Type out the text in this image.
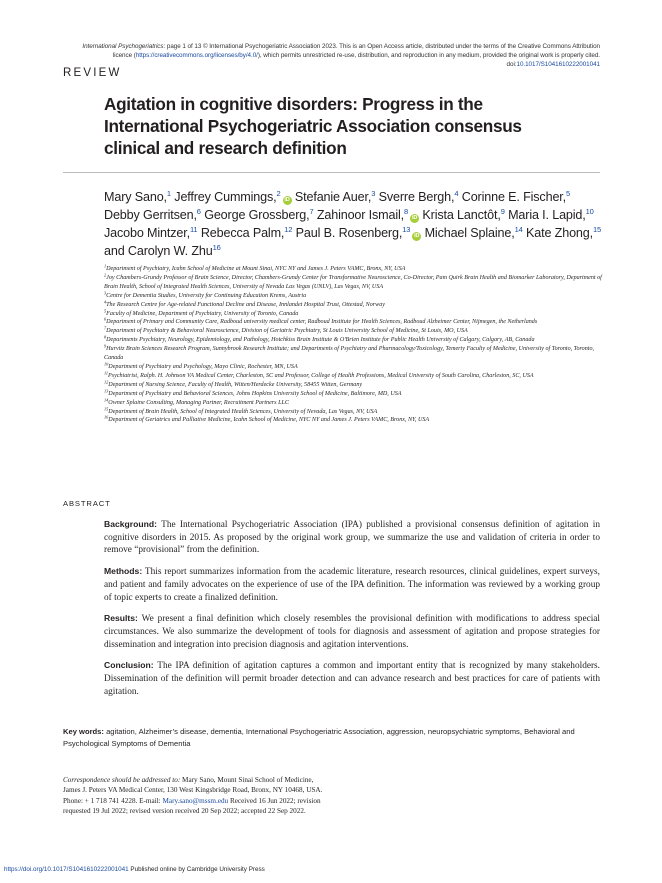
International Psychogeriatrics: page 1 of 13 © International Psychogeriatric Association 2023. This is an Open Access article, distributed under the terms of the Creative Commons Attribution
licence (https://creativecommons.org/licenses/by/4.0/), which permits unrestricted re-use, distribution, and reproduction in any medium, provided the original work is properly cited.
doi:10.1017/S1041610222001041
REVIEW
Agitation in cognitive disorders: Progress in the International Psychogeriatric Association consensus clinical and research definition
Mary Sano,$^1$ Jeffrey Cummings,$^2$iD Stefanie Auer,$^3$ Sverre Bergh,$^4$ Corinne E. Fischer,$^5$ Debby Gerritsen,$^6$ George Grossberg,$^7$ Zahinoor Ismail,$^8$iD Krista Lanctôt,$^9$ Maria I. Lapid,$^{10}$ Jacobo Mintzer,$^{11}$ Rebecca Palm,$^{12}$ Paul B. Rosenberg,$^{13}$iD Michael Splaine,$^{14}$ Kate Zhong,$^{15}$ and Carolyn W. Zhu$^{16}$
$^1$Department of Psychiatry, Icahn School of Medicine at Mount Sinai, NYC NY and James J. Peters VAMC, Bronx, NY, USA
$^2$Joy Chambers-Grundy Professor of Brain Science, Director, Chambers-Grundy Center for Transformative Neuroscience, Co-Director, Pam Quirk Brain Health and Biomarker Laboratory, Department of Brain Health, School of Integrated Health Sciences, University of Nevada Las Vegas (UNLV), Las Vegas, NV, USA
$^3$Centre for Dementia Studies, University for Continuing Education Krems, Austria
$^4$The Research Centre for Age-related Functional Decline and Disease, Innlandet Hospital Trust, Ottestad, Norway
$^5$Faculty of Medicine, Department of Psychiatry, University of Toronto, Canada
$^6$Department of Primary and Community Care, Radboud university medical center, Radboud Institute for Health Sciences, Radboud Alzheimer Center, Nijmegen, the Netherlands
$^7$Department of Psychiatry & Behavioral Neuroscience, Division of Geriatric Psychiatry, St Louis University School of Medicine, St Louis, MO, USA
$^8$Departments Psychiatry, Neurology, Epidemiology, and Pathology, Hotchkiss Brain Institute & O'Brien Institute for Public Health University of Calgary, Calgary, AB, Canada
$^9$Hurvitz Brain Sciences Research Program, Sunnybrook Research Institute; and Departments of Psychiatry and Pharmacology/Toxicology, Temerty Faculty of Medicine, University of Toronto, Toronto, Canada
$^{10}$Department of Psychiatry and Psychology, Mayo Clinic, Rochester, MN, USA
$^{11}$Psychiatrist, Ralph. H. Johnson VA Medical Center, Charleston, SC and Professor, College of Health Professions, Medical University of South Carolina, Charleston, SC, USA
$^{12}$Department of Nursing Science, Faculty of Health, Witten/Herdecke University, 58455 Witten, Germany
$^{13}$Department of Psychiatry and Behavioral Sciences, Johns Hopkins University School of Medicine, Baltimore, MD, USA
$^{14}$Owner Splaine Consulting, Managing Partner, Recruitment Partners LLC
$^{15}$Department of Brain Health, School of Integrated Health Sciences, University of Nevada, Las Vegas, NV, USA
$^{16}$Department of Geriatrics and Palliative Medicine, Icahn School of Medicine, NYC NY and James J. Peters VAMC, Bronx, NY, USA
ABSTRACT

Background: The International Psychogeriatric Association (IPA) published a provisional consensus definition of agitation in cognitive disorders in 2015. As proposed by the original work group, we summarize the use and validation of criteria in order to remove “provisional” from the definition.

Methods: This report summarizes information from the academic literature, research resources, clinical guidelines, expert surveys, and patient and family advocates on the experience of use of the IPA definition. The information was reviewed by a working group of topic experts to create a finalized definition.

Results: We present a final definition which closely resembles the provisional definition with modifications to address special circumstances. We also summarize the development of tools for diagnosis and assessment of agitation and propose strategies for dissemination and integration into precision diagnosis and agitation interventions.

Conclusion: The IPA definition of agitation captures a common and important entity that is recognized by many stakeholders. Dissemination of the definition will permit broader detection and can advance research and best practices for care of patients with agitation.

Key words: agitation, Alzheimer’s disease, dementia, International Psychogeriatric Association, aggression, neuropsychiatric symptoms, Behavioral and Psychological Symptoms of Dementia
Correspondence should be addressed to: Mary Sano, Mount Sinai School of Medicine, James J. Peters VA Medical Center, 130 West Kingsbridge Road, Bronx, NY 10468, USA. Phone: + 1 718 741 4228. E-mail: Mary.sano@mssm.edu Received 16 Jun 2022; revision requested 19 Jul 2022; revised version received 20 Sep 2022; accepted 22 Sep 2022.
https://doi.org/10.1017/S1041610222001041 Published online by Cambridge University Press
